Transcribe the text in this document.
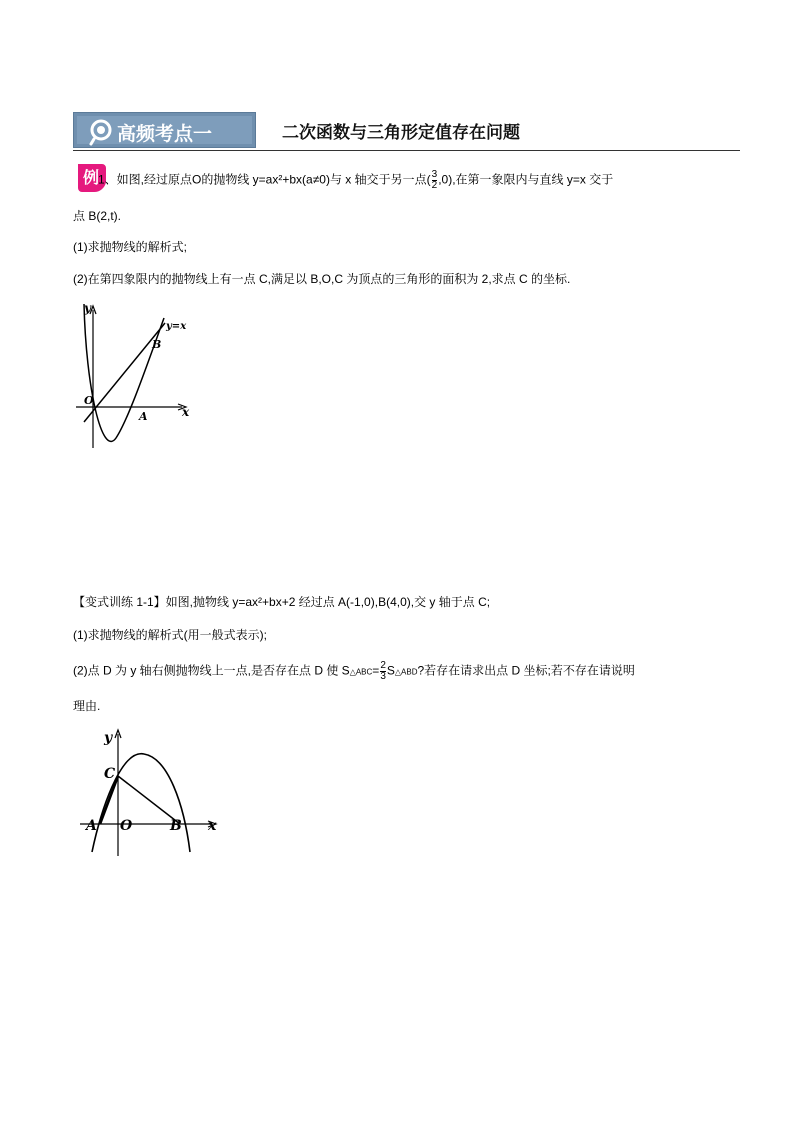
高频考点一	二次函数与三角形定值存在问题
例
1、如图,经过原点O的抛物线 y=ax²+bx(a≠0)与 x 轴交于另一点( $\frac{3}{2} ,0$),在第一象限内与直线 y=x 交于
点 B(2,t).
(1)求抛物线的解析式;
(2)在第四象限内的抛物线上有一点 C,满足以 B,O,C 为顶点的三角形的面积为 2,求点 C 的坐标.
y
x
O
A
B
y=x
【变式训练 1-1】如图,抛物线 y=ax²+bx+2 经过点 A(-1,0),B(4,0),交 y 轴于点 C;
(1)求抛物线的解析式(用一般式表示);
(2)点 D 为 y 轴右侧抛物线上一点,是否存在点 D 使 S△ABC= $\frac{2}{3}$ S△ABD?若存在请求出点 D 坐标;若不存在请说明
理由.
y
x
C
A O	B
